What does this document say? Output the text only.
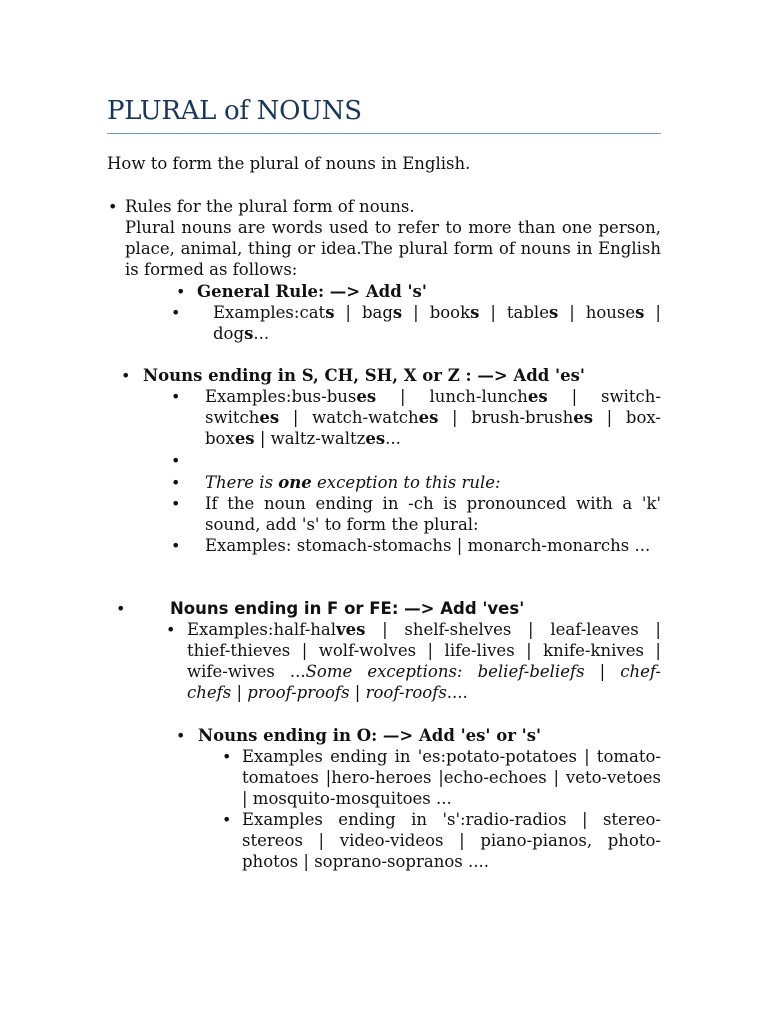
PLURAL of NOUNS
How to form the plural of nouns in English.
• Rules for the plural form of nouns.
Plural nouns are words used to refer to more than one person, place, animal, thing or idea.The plural form of nouns in English is formed as follows:
• General Rule: —> Add 's'
• Examples:cats | bags | books | tables | houses |
dogs...
• Nouns ending in S, CH, SH, X or Z : —> Add 'es'
• Examples:bus-buses | lunch-lunches | switch-
switches | watch-watches | brush-brushes | box-
boxes | waltz-waltzes...
•
• There is one exception to this rule:
• If the noun ending in -ch is pronounced with a 'k' sound, add 's' to form the plural:
• Examples: stomach-stomachs | monarch-monarchs ...
•	Nouns ending in F or FE: —> Add 'ves'
• Examples:half-halves | shelf-shelves | leaf-leaves |
thief-thieves | wolf-wolves | life-lives | knife-knives |
wife-wives ...Some exceptions: belief-beliefs | chef-
chefs | proof-proofs | roof-roofs....
• Nouns ending in O: —> Add 'es' or 's'
• Examples ending in 'es:potato-potatoes | tomato-tomatoes |hero-heroes |echo-echoes | veto-vetoes | mosquito-mosquitoes ...
• Examples ending in 's':radio-radios | stereo-stereos | video-videos | piano-pianos, photo-photos | soprano-sopranos ....
